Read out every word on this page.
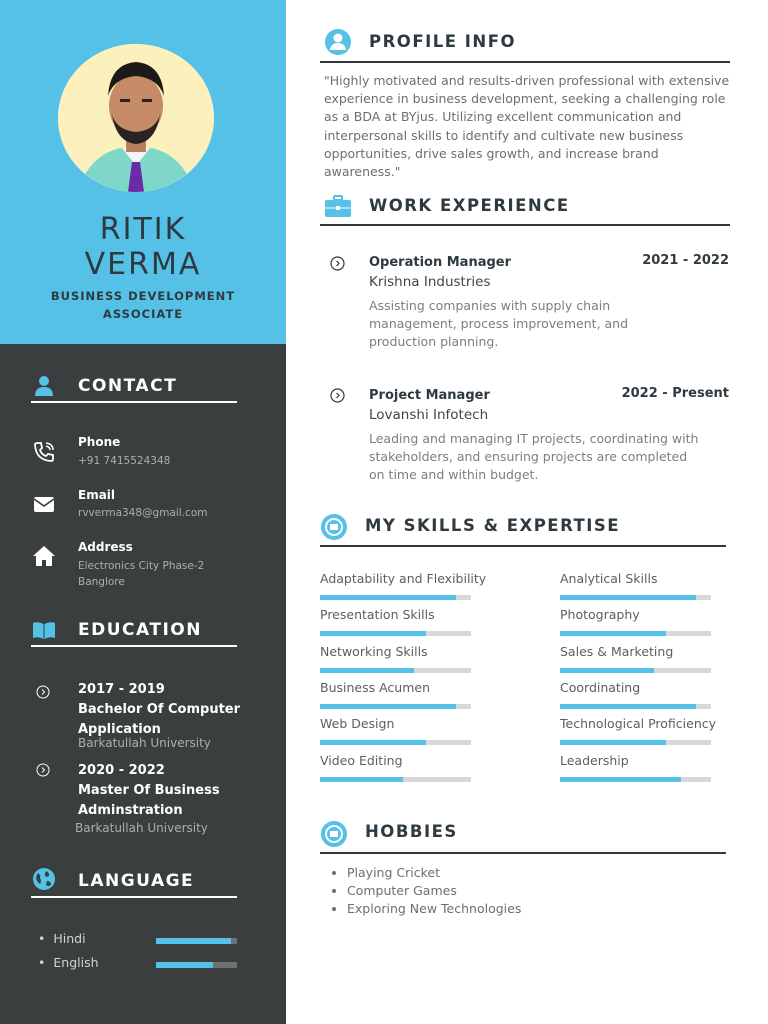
RITIK
VERMA
BUSINESS DEVELOPMENT
ASSOCIATE
CONTACT
Phone
+91 7415524348
Email
rvverma348@gmail.com
Address
Electronics City Phase-2
Banglore
EDUCATION
2017 - 2019
Bachelor Of Computer Application
Barkatullah University
2020 - 2022
Master Of Business Adminstration
Barkatullah University
LANGUAGE
• Hindi
• English
PROFILE INFO
"Highly motivated and results-driven professional with extensive experience in business development, seeking a challenging role as a BDA at BYjus. Utilizing excellent communication and interpersonal skills to identify and cultivate new business opportunities, drive sales growth, and increase brand awareness."
WORK EXPERIENCE
Operation Manager	2021 - 2022
Krishna Industries
Assisting companies with supply chain management, process improvement, and production planning.
Project Manager	2022 - Present
Lovanshi Infotech
Leading and managing IT projects, coordinating with stakeholders, and ensuring projects are completed on time and within budget.
MY SKILLS & EXPERTISE
Adaptability and Flexibility
Presentation Skills
Networking Skills
Business Acumen
Web Design
Video Editing
Analytical Skills
Photography
Sales & Marketing
Coordinating
Technological Proficiency
Leadership
HOBBIES
• Playing Cricket
• Computer Games
• Exploring New Technologies
